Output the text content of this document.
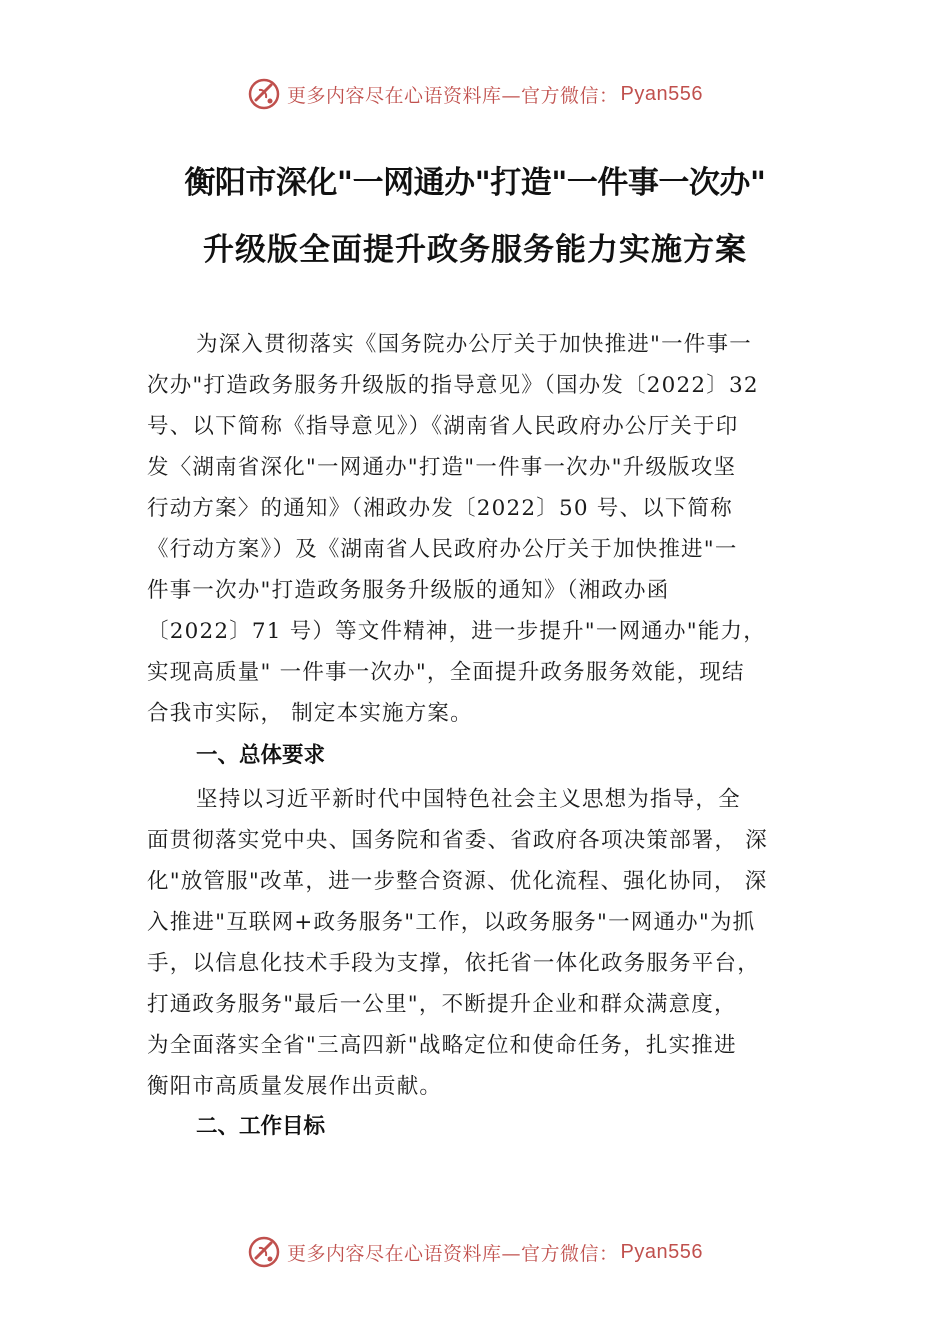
更多内容尽在心语资料库—官方微信： Pyan556
衡阳市深化"一网通办"打造"一件事一次办"
升级版全面提升政务服务能力实施方案
为深入贯彻落实《国务院办公厅关于加快推进"一件事一
次办"打造政务服务升级版的指导意见》（国办发〔2022〕32
号、以下简称《指导意见》）《湖南省人民政府办公厅关于印
发〈湖南省深化"一网通办"打造"一件事一次办"升级版攻坚
行动方案〉的通知》（湘政办发〔2022〕50 号、以下简称
《行动方案》）及《湖南省人民政府办公厅关于加快推进"一
件事一次办"打造政务服务升级版的通知》（湘政办函
〔2022〕71 号）等文件精神，进一步提升"一网通办"能力，
实现高质量" 一件事一次办"，全面提升政务服务效能，现结
合我市实际， 制定本实施方案。
一、总体要求
坚持以习近平新时代中国特色社会主义思想为指导，全
面贯彻落实党中央、国务院和省委、省政府各项决策部署， 深
化"放管服"改革，进一步整合资源、优化流程、强化协同， 深
入推进"互联网+政务服务"工作，以政务服务"一网通办"为抓
手，以信息化技术手段为支撑，依托省一体化政务服务平台，
打通政务服务"最后一公里"，不断提升企业和群众满意度，
为全面落实全省"三高四新"战略定位和使命任务，扎实推进
衡阳市高质量发展作出贡献。
二、工作目标
更多内容尽在心语资料库—官方微信： Pyan556
